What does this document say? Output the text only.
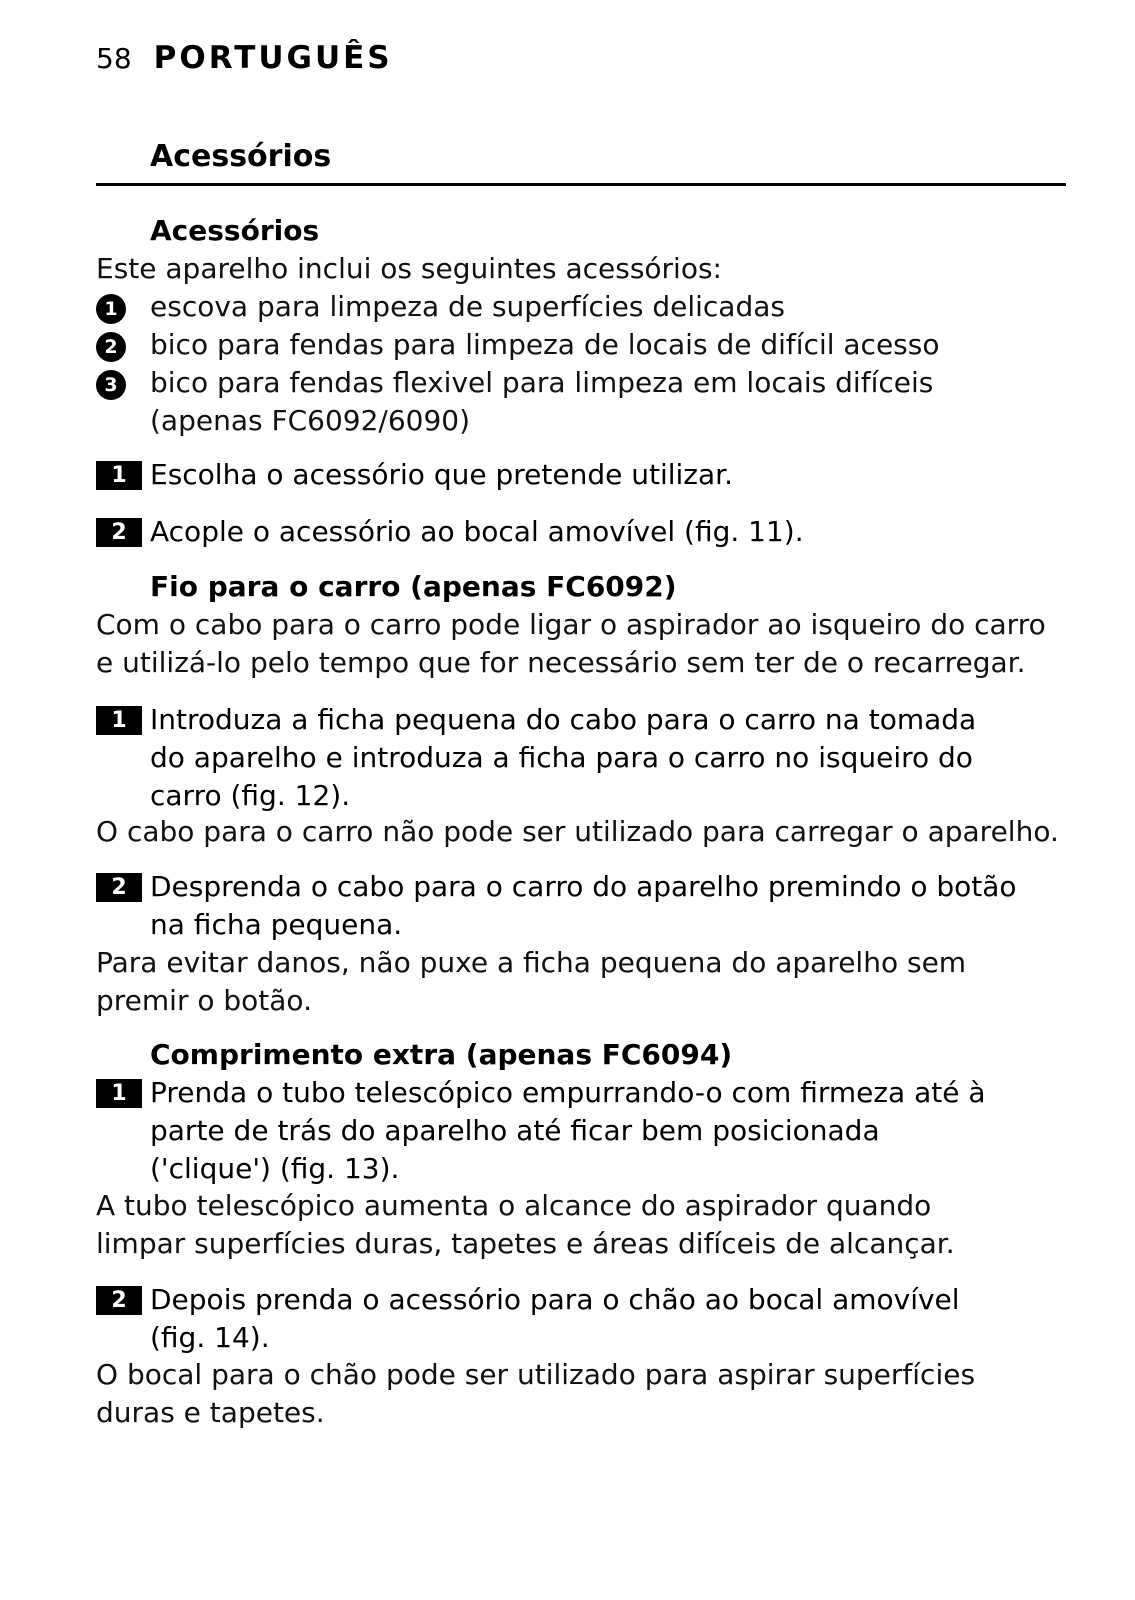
58 PORTUGUÊS
Acessórios
Acessórios
Este aparelho inclui os seguintes acessórios:
1 escova para limpeza de superfícies delicadas
2 bico para fendas para limpeza de locais de difícil acesso
3 bico para fendas flexivel para limpeza em locais difíceis (apenas FC6092/6090)
1 Escolha o acessório que pretende utilizar.
2 Acople o acessório ao bocal amovível (fig. 11).
Fio para o carro (apenas FC6092)
Com o cabo para o carro pode ligar o aspirador ao isqueiro do carro e utilizá-lo pelo tempo que for necessário sem ter de o recarregar.
1 Introduza a ficha pequena do cabo para o carro na tomada do aparelho e introduza a ficha para o carro no isqueiro do carro (fig. 12).
O cabo para o carro não pode ser utilizado para carregar o aparelho.
2 Desprenda o cabo para o carro do aparelho premindo o botão na ficha pequena.
Para evitar danos, não puxe a ficha pequena do aparelho sem premir o botão.
Comprimento extra (apenas FC6094)
1 Prenda o tubo telescópico empurrando-o com firmeza até à parte de trás do aparelho até ficar bem posicionada ('clique') (fig. 13).
A tubo telescópico aumenta o alcance do aspirador quando limpar superfícies duras, tapetes e áreas difíceis de alcançar.
2 Depois prenda o acessório para o chão ao bocal amovível (fig. 14).
O bocal para o chão pode ser utilizado para aspirar superfícies duras e tapetes.
